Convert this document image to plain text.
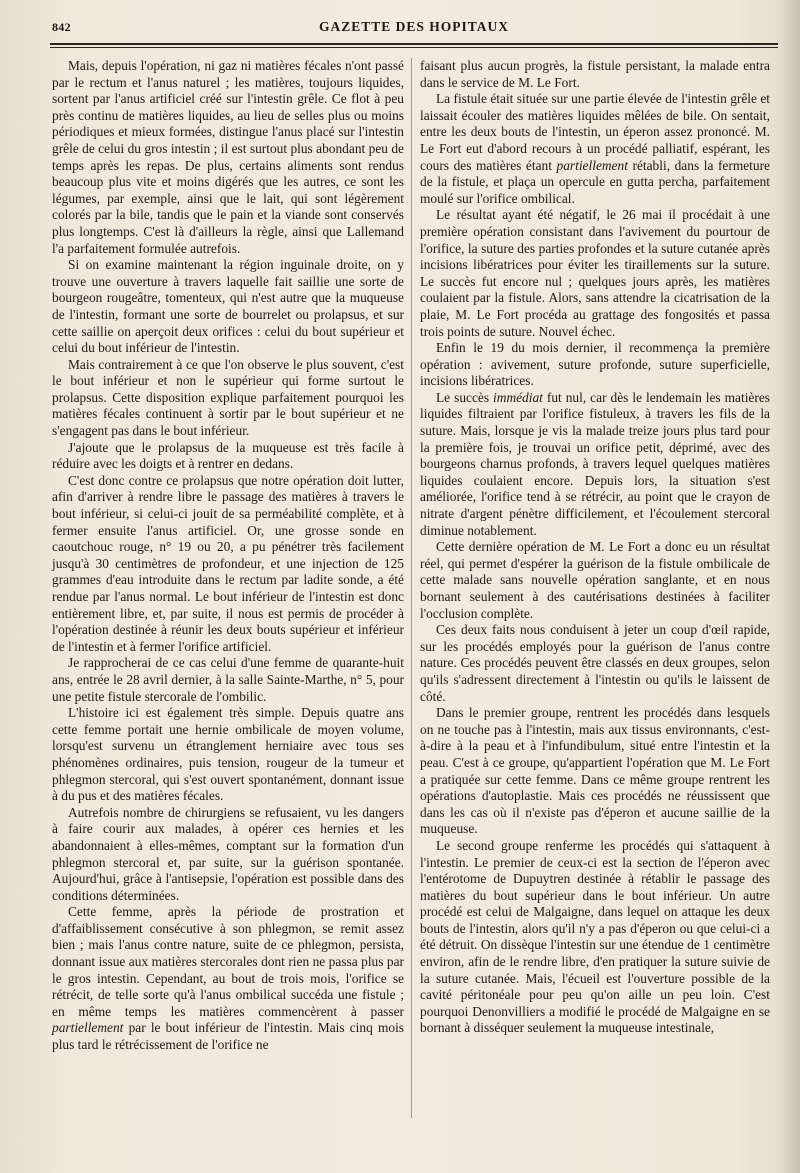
842	GAZETTE DES HOPITAUX

Mais, depuis l'opération, ni gaz ni matières fécales n'ont passé par le rectum et l'anus naturel ; les matières, toujours liquides, sortent par l'anus artificiel créé sur l'intestin grêle. Ce flot à peu près continu de matières liquides, au lieu de selles plus ou moins périodiques et mieux formées, distingue l'anus placé sur l'intestin grêle de celui du gros intestin ; il est surtout plus abondant peu de temps après les repas. De plus, certains aliments sont rendus beaucoup plus vite et moins digérés que les autres, ce sont les légumes, par exemple, ainsi que le lait, qui sont légèrement colorés par la bile, tandis que le pain et la viande sont conservés plus longtemps. C'est là d'ailleurs la règle, ainsi que Lallemand l'a parfaitement formulée autrefois.

Si on examine maintenant la région inguinale droite, on y trouve une ouverture à travers laquelle fait saillie une sorte de bourgeon rougeâtre, tomenteux, qui n'est autre que la muqueuse de l'intestin, formant une sorte de bourrelet ou prolapsus, et sur cette saillie on aperçoit deux orifices : celui du bout supérieur et celui du bout inférieur de l'intestin.

Mais contrairement à ce que l'on observe le plus souvent, c'est le bout inférieur et non le supérieur qui forme surtout le prolapsus. Cette disposition explique parfaitement pourquoi les matières fécales continuent à sortir par le bout supérieur et ne s'engagent pas dans le bout inférieur.

J'ajoute que le prolapsus de la muqueuse est très facile à réduire avec les doigts et à rentrer en dedans.

C'est donc contre ce prolapsus que notre opération doit lutter, afin d'arriver à rendre libre le passage des matières à travers le bout inférieur, si celui-ci jouit de sa perméabilité complète, et à fermer ensuite l'anus artificiel. Or, une grosse sonde en caoutchouc rouge, n° 19 ou 20, a pu pénétrer très facilement jusqu'à 30 centimètres de profondeur, et une injection de 125 grammes d'eau introduite dans le rectum par ladite sonde, a été rendue par l'anus normal. Le bout inférieur de l'intestin est donc entièrement libre, et, par suite, il nous est permis de procéder à l'opération destinée à réunir les deux bouts supérieur et inférieur de l'intestin et à fermer l'orifice artificiel.

Je rapprocherai de ce cas celui d'une femme de quarante-huit ans, entrée le 28 avril dernier, à la salle Sainte-Marthe, n° 5, pour une petite fistule stercorale de l'ombilic.

L'histoire ici est également très simple. Depuis quatre ans cette femme portait une hernie ombilicale de moyen volume, lorsqu'est survenu un étranglement herniaire avec tous ses phénomènes ordinaires, puis tension, rougeur de la tumeur et phlegmon stercoral, qui s'est ouvert spontanément, donnant issue à du pus et des matières fécales.

Autrefois nombre de chirurgiens se refusaient, vu les dangers à faire courir aux malades, à opérer ces hernies et les abandonnaient à elles-mêmes, comptant sur la formation d'un phlegmon stercoral et, par suite, sur la guérison spontanée. Aujourd'hui, grâce à l'antisepsie, l'opération est possible dans des conditions déterminées.

Cette femme, après la période de prostration et d'affaiblissement consécutive à son phlegmon, se remit assez bien ; mais l'anus contre nature, suite de ce phlegmon, persista, donnant issue aux matières stercorales dont rien ne passa plus par le gros intestin. Cependant, au bout de trois mois, l'orifice se rétrécit, de telle sorte qu'à l'anus ombilical succéda une fistule ; en même temps les matières commencèrent à passer partiellement par le bout inférieur de l'intestin. Mais cinq mois plus tard le rétrécissement de l'orifice ne

faisant plus aucun progrès, la fistule persistant, la malade entra dans le service de M. Le Fort.

La fistule était située sur une partie élevée de l'intestin grêle et laissait écouler des matières liquides mêlées de bile. On sentait, entre les deux bouts de l'intestin, un éperon assez prononcé. M. Le Fort eut d'abord recours à un procédé palliatif, espérant, les cours des matières étant partiellement rétabli, dans la fermeture de la fistule, et plaça un opercule en gutta percha, parfaitement moulé sur l'orifice ombilical.

Le résultat ayant été négatif, le 26 mai il procédait à une première opération consistant dans l'avivement du pourtour de l'orifice, la suture des parties profondes et la suture cutanée après incisions libératrices pour éviter les tiraillements sur la suture. Le succès fut encore nul ; quelques jours après, les matières coulaient par la fistule. Alors, sans attendre la cicatrisation de la plaie, M. Le Fort procéda au grattage des fongosités et passa trois points de suture. Nouvel échec.

Enfin le 19 du mois dernier, il recommença la première opération : avivement, suture profonde, suture superficielle, incisions libératrices.

Le succès immédiat fut nul, car dès le lendemain les matières liquides filtraient par l'orifice fistuleux, à travers les fils de la suture. Mais, lorsque je vis la malade treize jours plus tard pour la première fois, je trouvai un orifice petit, déprimé, avec des bourgeons charnus profonds, à travers lequel quelques matières liquides coulaient encore. Depuis lors, la situation s'est améliorée, l'orifice tend à se rétrécir, au point que le crayon de nitrate d'argent pénètre difficilement, et l'écoulement stercoral diminue notablement.

Cette dernière opération de M. Le Fort a donc eu un résultat réel, qui permet d'espérer la guérison de la fistule ombilicale de cette malade sans nouvelle opération sanglante, et en nous bornant seulement à des cautérisations destinées à faciliter l'occlusion complète.

Ces deux faits nous conduisent à jeter un coup d'œil rapide, sur les procédés employés pour la guérison de l'anus contre nature. Ces procédés peuvent être classés en deux groupes, selon qu'ils s'adressent directement à l'intestin ou qu'ils le laissent de côté.

Dans le premier groupe, rentrent les procédés dans lesquels on ne touche pas à l'intestin, mais aux tissus environnants, c'est-à-dire à la peau et à l'infundibulum, situé entre l'intestin et la peau. C'est à ce groupe, qu'appartient l'opération que M. Le Fort a pratiquée sur cette femme. Dans ce même groupe rentrent les opérations d'autoplastie. Mais ces procédés ne réussissent que dans les cas où il n'existe pas d'éperon et aucune saillie de la muqueuse.

Le second groupe renferme les procédés qui s'attaquent à l'intestin. Le premier de ceux-ci est la section de l'éperon avec l'entérotome de Dupuytren destinée à rétablir le passage des matières du bout supérieur dans le bout inférieur. Un autre procédé est celui de Malgaigne, dans lequel on attaque les deux bouts de l'intestin, alors qu'il n'y a pas d'éperon ou que celui-ci a été détruit. On dissèque l'intestin sur une étendue de 1 centimètre environ, afin de le rendre libre, d'en pratiquer la suture suivie de la suture cutanée. Mais, l'écueil est l'ouverture possible de la cavité péritonéale pour peu qu'on aille un peu loin. C'est pourquoi Denonvilliers a modifié le procédé de Malgaigne en se bornant à disséquer seulement la muqueuse intestinale,
